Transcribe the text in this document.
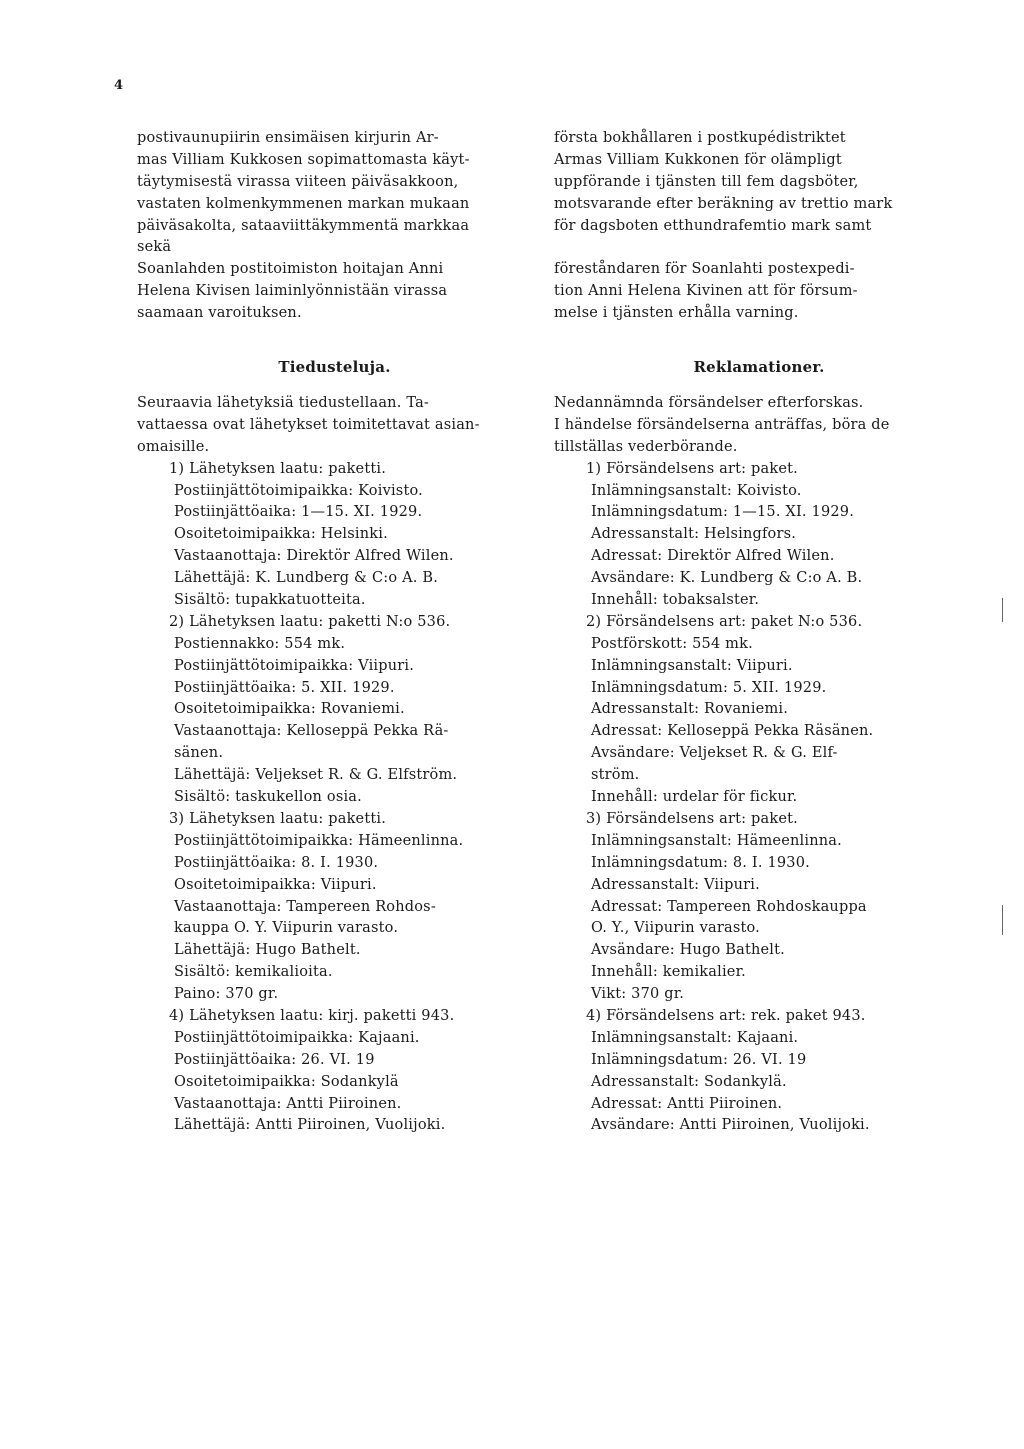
4
postivaunupiirin ensimäisen kirjurin Ar-
mas Villiam Kukkosen sopimattomasta käyt-
täytymisestä virassa viiteen päiväsakkoon,
vastaten kolmenkymmenen markan mukaan
päiväsakolta, sataaviittäkymmentä markkaa
sekä
Soanlahden postitoimiston hoitajan Anni
Helena Kivisen laiminlyönnistään virassa
saamaan varoituksen.
Tiedusteluja.
Seuraavia lähetyksiä tiedustellaan. Ta-
vattaessa ovat lähetykset toimitettavat asian-
omaisille.
1) Lähetyksen laatu: paketti.
Postiinjättötoimipaikka: Koivisto.
Postiinjättöaika: 1—15. XI. 1929.
Osoitetoimipaikka: Helsinki.
Vastaanottaja: Direktör Alfred Wilen.
Lähettäjä: K. Lundberg & C:o A. B.
Sisältö: tupakkatuotteita.
2) Lähetyksen laatu: paketti N:o 536.
Postiennakko: 554 mk.
Postiinjättötoimipaikka: Viipuri.
Postiinjättöaika: 5. XII. 1929.
Osoitetoimipaikka: Rovaniemi.
Vastaanottaja: Kelloseppä Pekka Rä-
sänen.
Lähettäjä: Veljekset R. & G. Elfström.
Sisältö: taskukellon osia.
3) Lähetyksen laatu: paketti.
Postiinjättötoimipaikka: Hämeenlinna.
Postiinjättöaika: 8. I. 1930.
Osoitetoimipaikka: Viipuri.
Vastaanottaja: Tampereen Rohdos-
kauppa O. Y. Viipurin varasto.
Lähettäjä: Hugo Bathelt.
Sisältö: kemikalioita.
Paino: 370 gr.
4) Lähetyksen laatu: kirj. paketti 943.
Postiinjättötoimipaikka: Kajaani.
Postiinjättöaika: 26. VI. 19
Osoitetoimipaikka: Sodankylä
Vastaanottaja: Antti Piiroinen.
Lähettäjä: Antti Piiroinen, Vuolijoki.
första bokhållaren i postkupédistriktet
Armas Villiam Kukkonen för olämpligt
uppförande i tjänsten till fem dagsböter,
motsvarande efter beräkning av trettio mark
för dagsboten etthundrafemtio mark samt
föreståndaren för Soanlahti postexpedi-
tion Anni Helena Kivinen att för försum-
melse i tjänsten erhålla varning.
Reklamationer.
Nedannämnda försändelser efterforskas.
I händelse försändelserna anträffas, böra de
tillställas vederbörande.
1) Försändelsens art: paket.
Inlämningsanstalt: Koivisto.
Inlämningsdatum: 1—15. XI. 1929.
Adressanstalt: Helsingfors.
Adressat: Direktör Alfred Wilen.
Avsändare: K. Lundberg & C:o A. B.
Innehåll: tobaksalster.
2) Försändelsens art: paket N:o 536.
Postförskott: 554 mk.
Inlämningsanstalt: Viipuri.
Inlämningsdatum: 5. XII. 1929.
Adressanstalt: Rovaniemi.
Adressat: Kelloseppä Pekka Räsänen.
Avsändare: Veljekset R. & G. Elf-
ström.
Innehåll: urdelar för fickur.
3) Försändelsens art: paket.
Inlämningsanstalt: Hämeenlinna.
Inlämningsdatum: 8. I. 1930.
Adressanstalt: Viipuri.
Adressat: Tampereen Rohdoskauppa
O. Y., Viipurin varasto.
Avsändare: Hugo Bathelt.
Innehåll: kemikalier.
Vikt: 370 gr.
4) Försändelsens art: rek. paket 943.
Inlämningsanstalt: Kajaani.
Inlämningsdatum: 26. VI. 19
Adressanstalt: Sodankylä.
Adressat: Antti Piiroinen.
Avsändare: Antti Piiroinen, Vuolijoki.
